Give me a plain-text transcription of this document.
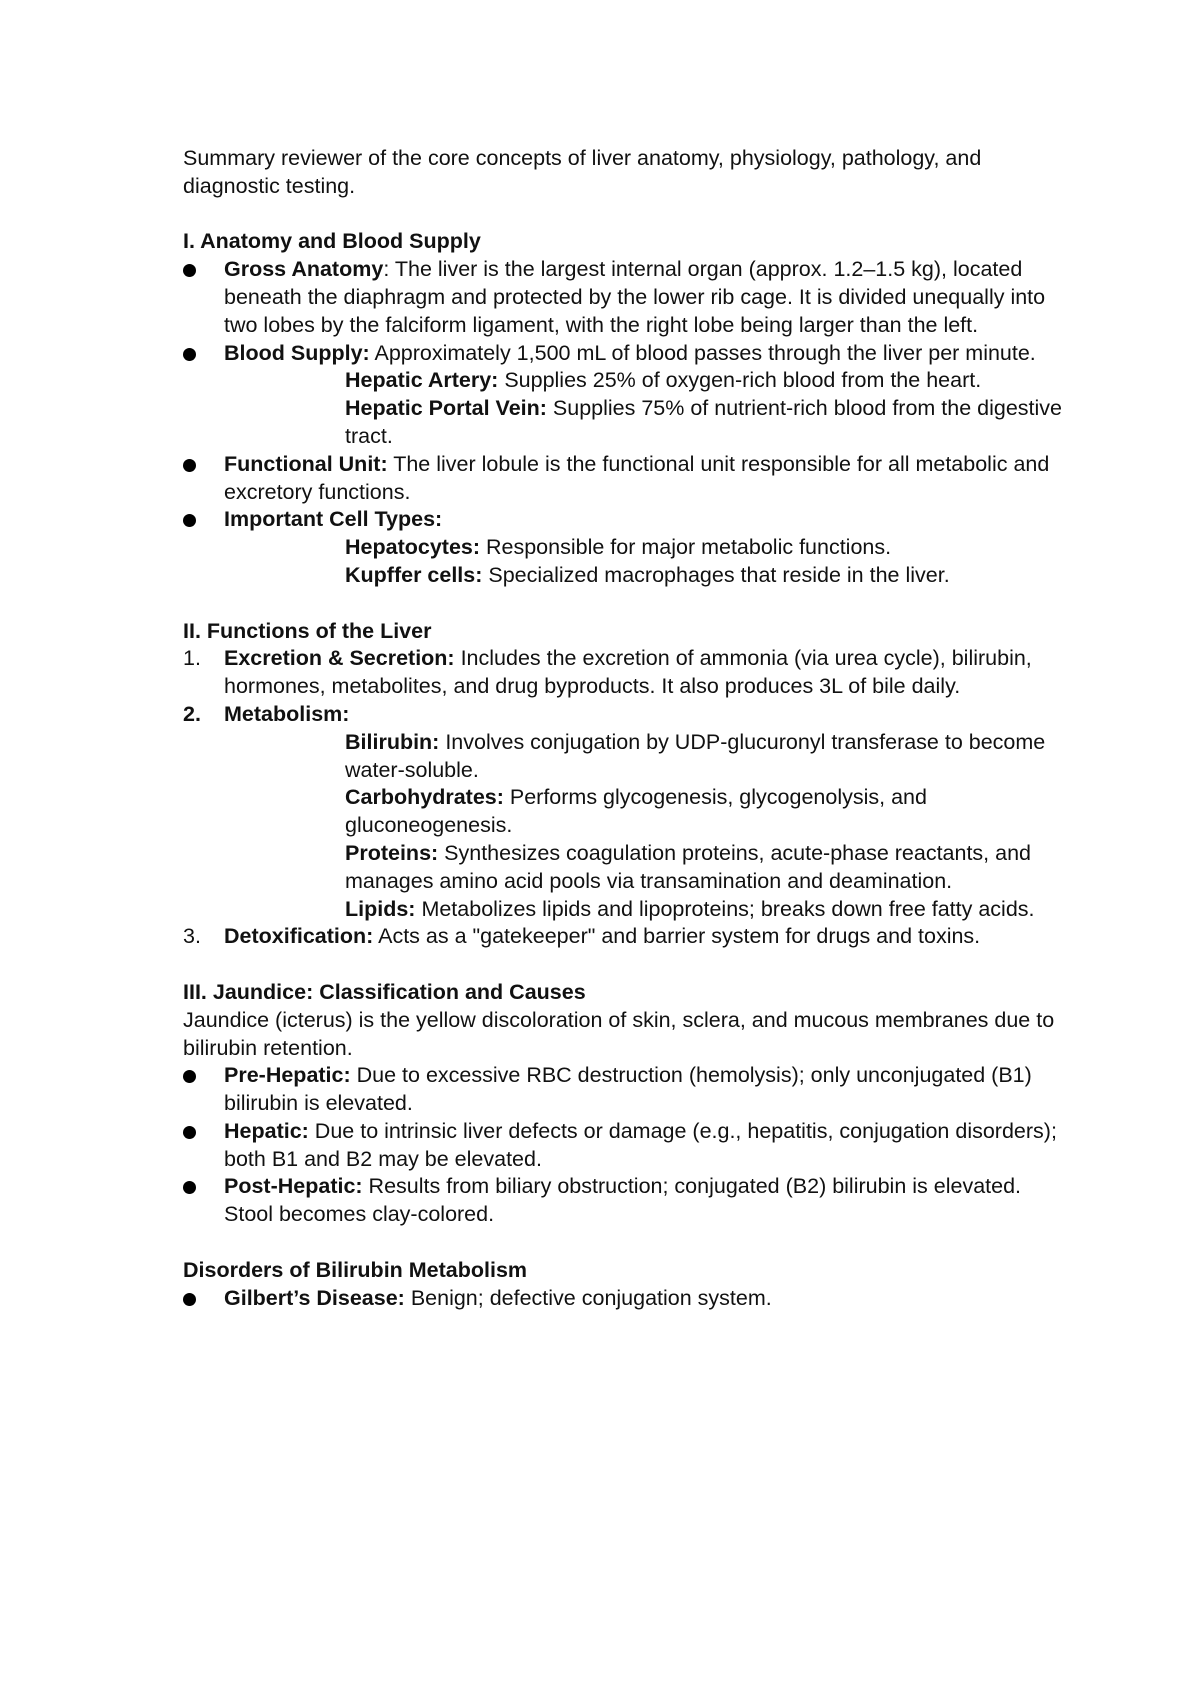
Summary reviewer of the core concepts of liver anatomy, physiology, pathology, and diagnostic testing.

I. Anatomy and Blood Supply

Gross Anatomy: The liver is the largest internal organ (approx. 1.2–1.5 kg), located beneath the diaphragm and protected by the lower rib cage. It is divided unequally into two lobes by the falciform ligament, with the right lobe being larger than the left.

Blood Supply: Approximately 1,500 mL of blood passes through the liver per minute.

Hepatic Artery: Supplies 25% of oxygen-rich blood from the heart.

Hepatic Portal Vein: Supplies 75% of nutrient-rich blood from the digestive tract.

Functional Unit: The liver lobule is the functional unit responsible for all metabolic and excretory functions.

Important Cell Types:

Hepatocytes: Responsible for major metabolic functions.

Kupffer cells: Specialized macrophages that reside in the liver.

II. Functions of the Liver

1. Excretion & Secretion: Includes the excretion of ammonia (via urea cycle), bilirubin, hormones, metabolites, and drug byproducts. It also produces 3L of bile daily.

2. Metabolism:

Bilirubin: Involves conjugation by UDP-glucuronyl transferase to become water-soluble.

Carbohydrates: Performs glycogenesis, glycogenolysis, and gluconeogenesis.

Proteins: Synthesizes coagulation proteins, acute-phase reactants, and manages amino acid pools via transamination and deamination.

Lipids: Metabolizes lipids and lipoproteins; breaks down free fatty acids.

3. Detoxification: Acts as a "gatekeeper" and barrier system for drugs and toxins.

III. Jaundice: Classification and Causes

Jaundice (icterus) is the yellow discoloration of skin, sclera, and mucous membranes due to bilirubin retention.

Pre-Hepatic: Due to excessive RBC destruction (hemolysis); only unconjugated (B1) bilirubin is elevated.

Hepatic: Due to intrinsic liver defects or damage (e.g., hepatitis, conjugation disorders); both B1 and B2 may be elevated.

Post-Hepatic: Results from biliary obstruction; conjugated (B2) bilirubin is elevated. Stool becomes clay-colored.

Disorders of Bilirubin Metabolism

Gilbert’s Disease: Benign; defective conjugation system.
